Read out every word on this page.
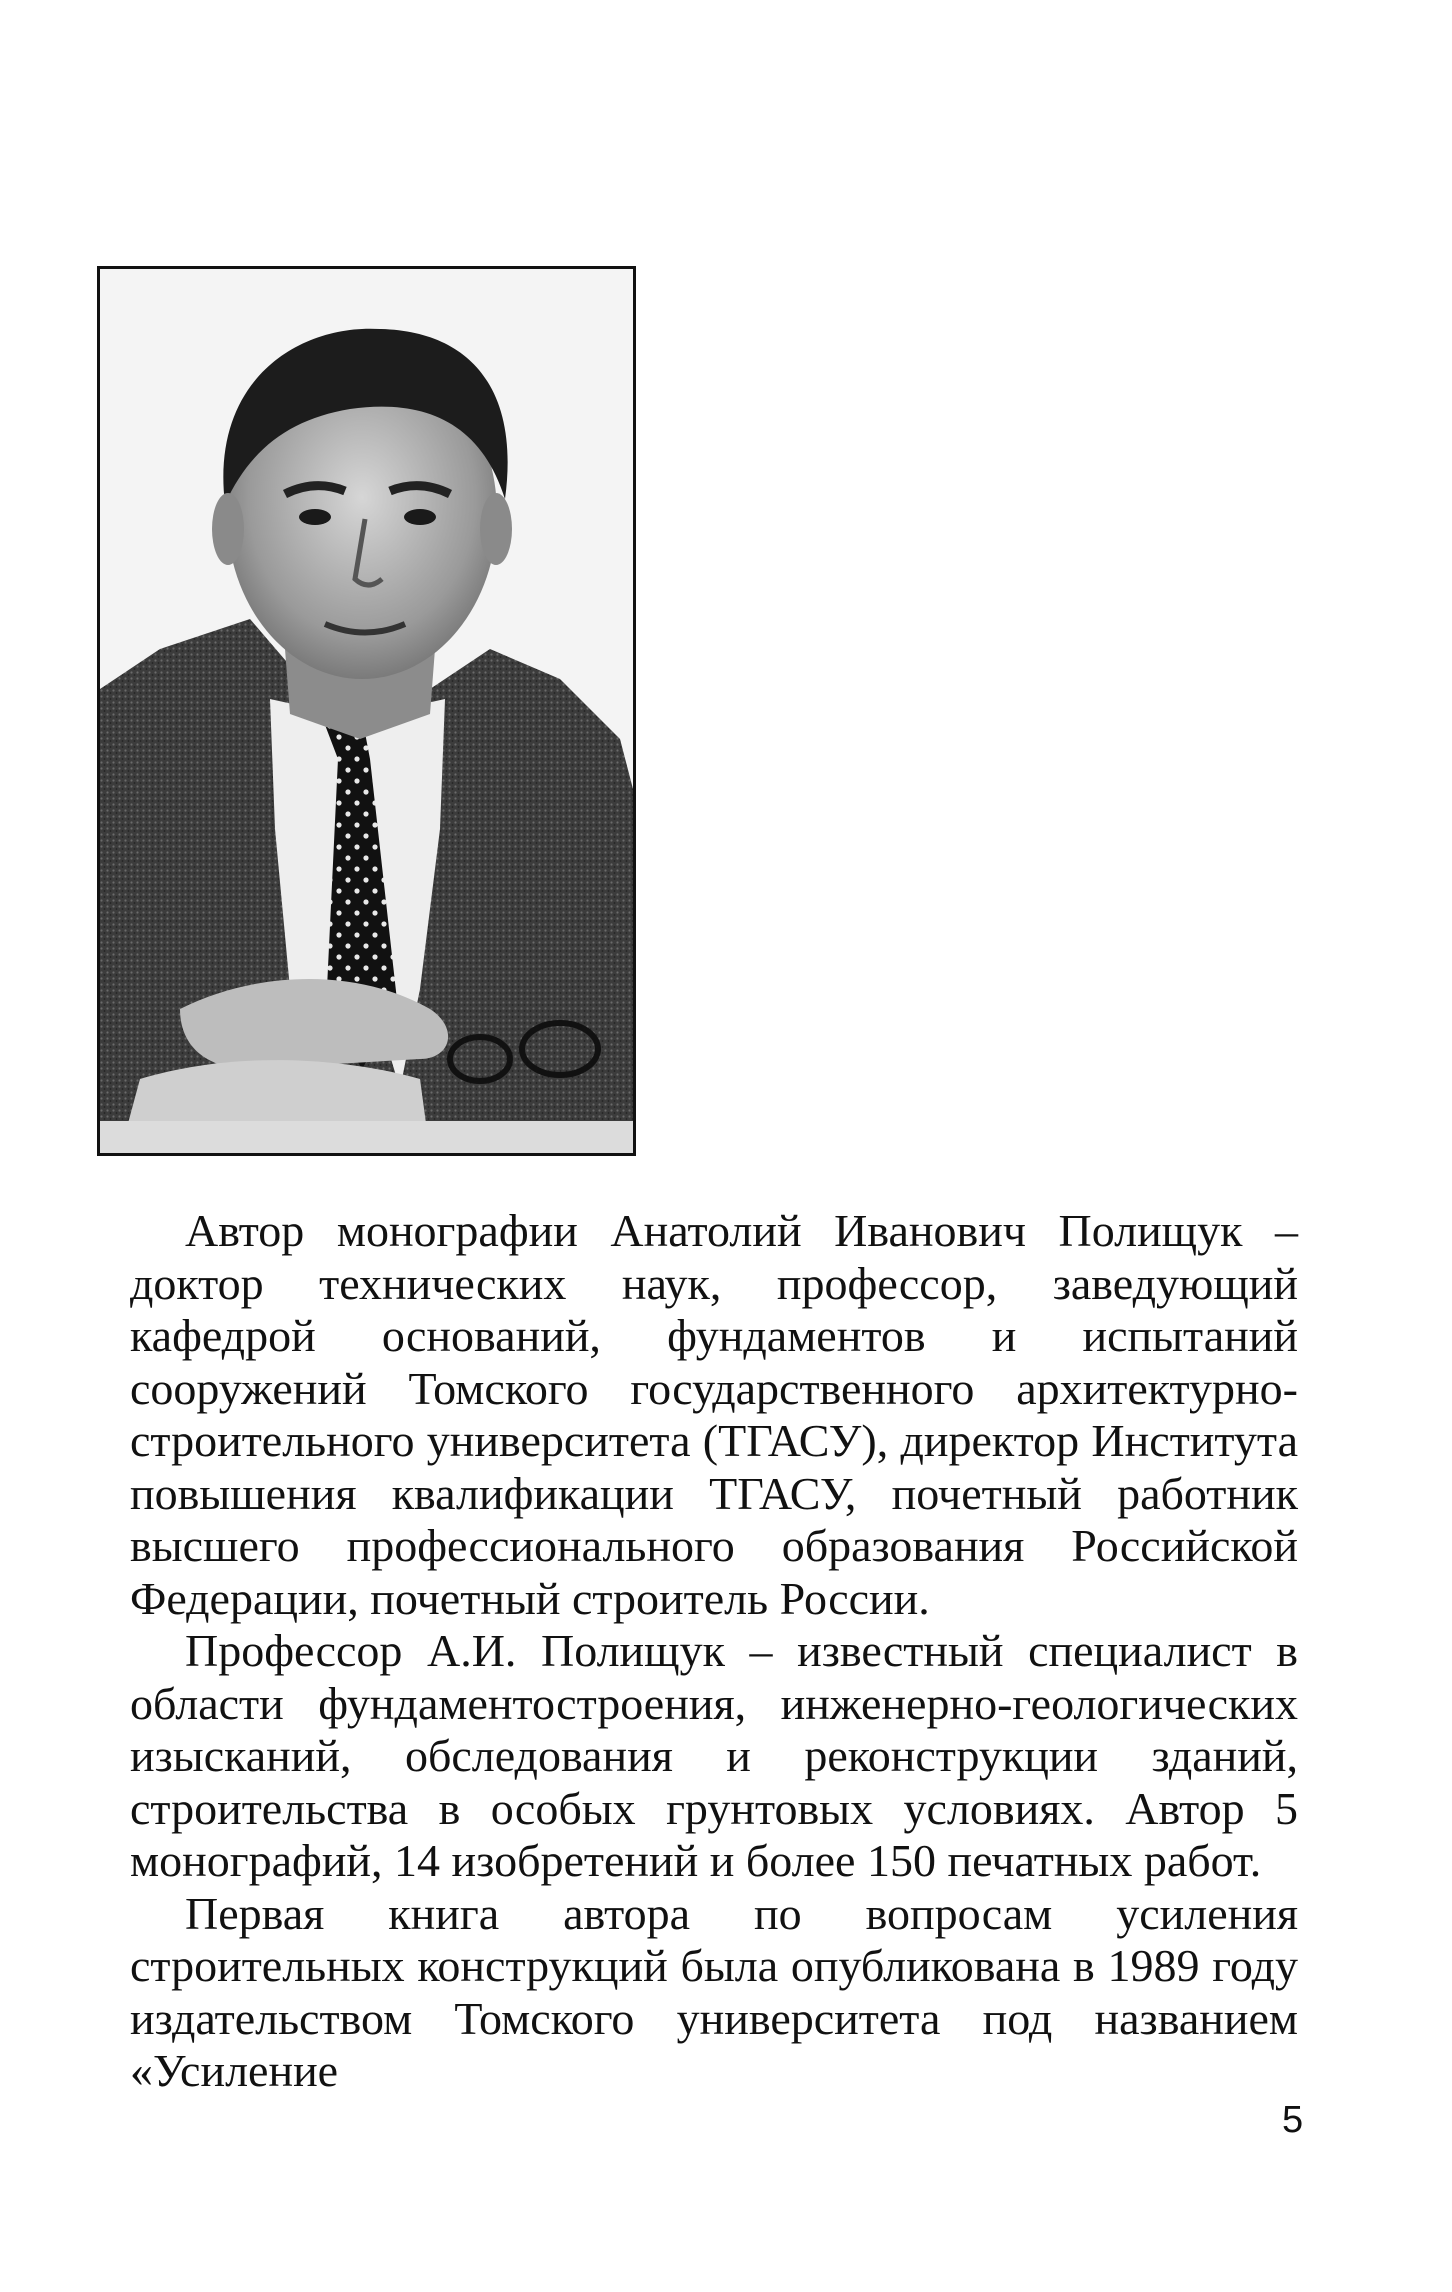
Автор монографии Анатолий Иванович Полищук – доктор технических наук, профессор, заведующий кафедрой оснований, фундаментов и испытаний сооружений Томского государственного архитектурно-строительного университета (ТГАСУ), директор Института повышения квалификации ТГАСУ, почетный работник высшего профессионального образования Российской Федерации, почетный строитель России.

Профессор А.И. Полищук – известный специалист в области фундаментостроения, инженерно-геологических изысканий, обследования и реконструкции зданий, строительства в особых грунтовых условиях. Автор 5 монографий, 14 изобретений и более 150 печатных работ.

Первая книга автора по вопросам усиления строительных конструкций была опубликована в 1989 году издательством Томского университета под названием «Усиление

5
